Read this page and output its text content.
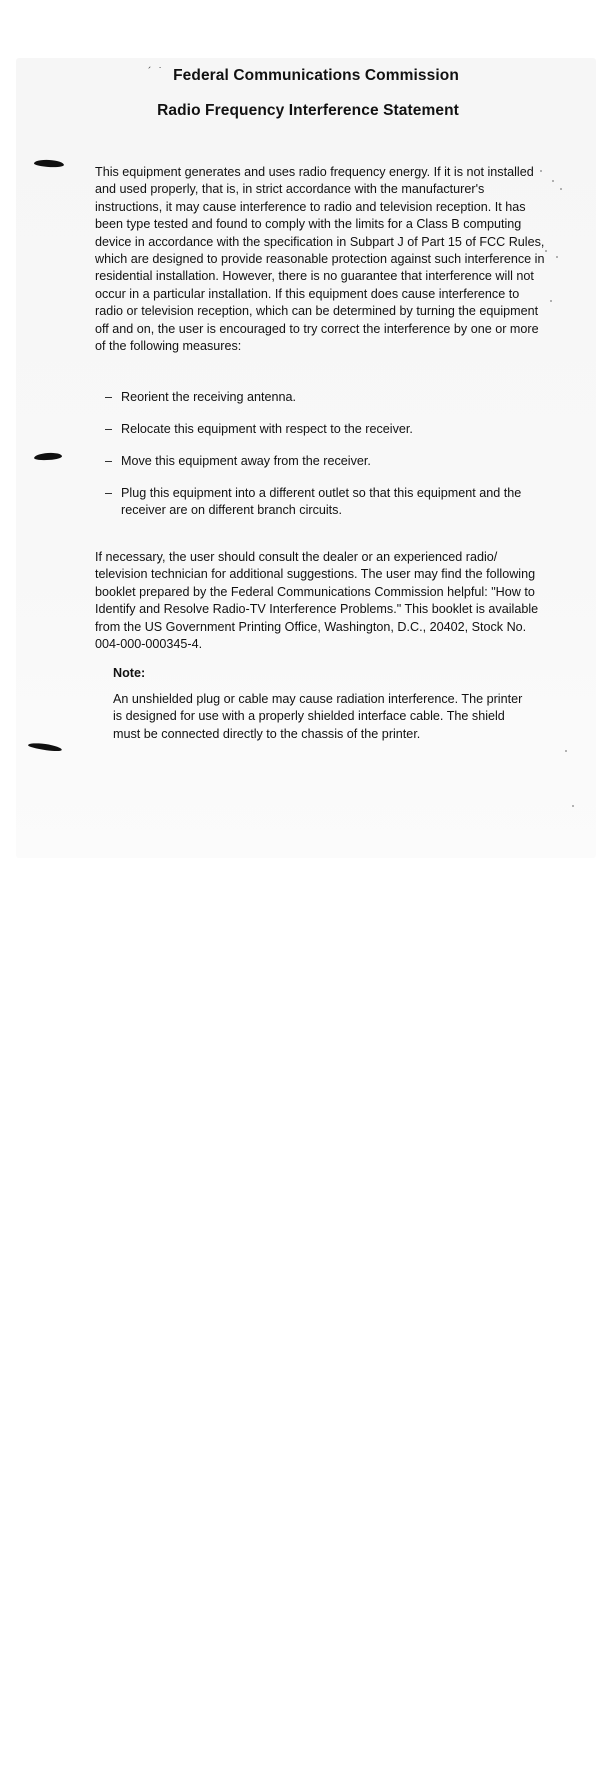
´ ˙ Federal Communications Commission
Radio Frequency Interference Statement

This equipment generates and uses radio frequency energy. If it is not installed and used properly, that is, in strict accordance with the manufacturer's instructions, it may cause interference to radio and television reception. It has been type tested and found to comply with the limits for a Class B computing device in accordance with the specification in Subpart J of Part 15 of FCC Rules, which are designed to provide reasonable protection against such interference in residential installation. However, there is no guarantee that interference will not occur in a particular installation. If this equipment does cause interference to radio or television reception, which can be determined by turning the equipment off and on, the user is encouraged to try correct the interference by one or more of the following measures:

– Reorient the receiving antenna.
– Relocate this equipment with respect to the receiver.
– Move this equipment away from the receiver.
– Plug this equipment into a different outlet so that this equipment and the receiver are on different branch circuits.

If necessary, the user should consult the dealer or an experienced radio/ television technician for additional suggestions. The user may find the following booklet prepared by the Federal Communications Commission helpful: "How to Identify and Resolve Radio-TV Interference Problems." This booklet is available from the US Government Printing Office, Washington, D.C., 20402, Stock No. 004-000-000345-4.

Note:

An unshielded plug or cable may cause radiation interference. The printer is designed for use with a properly shielded interface cable. The shield must be connected directly to the chassis of the printer.
